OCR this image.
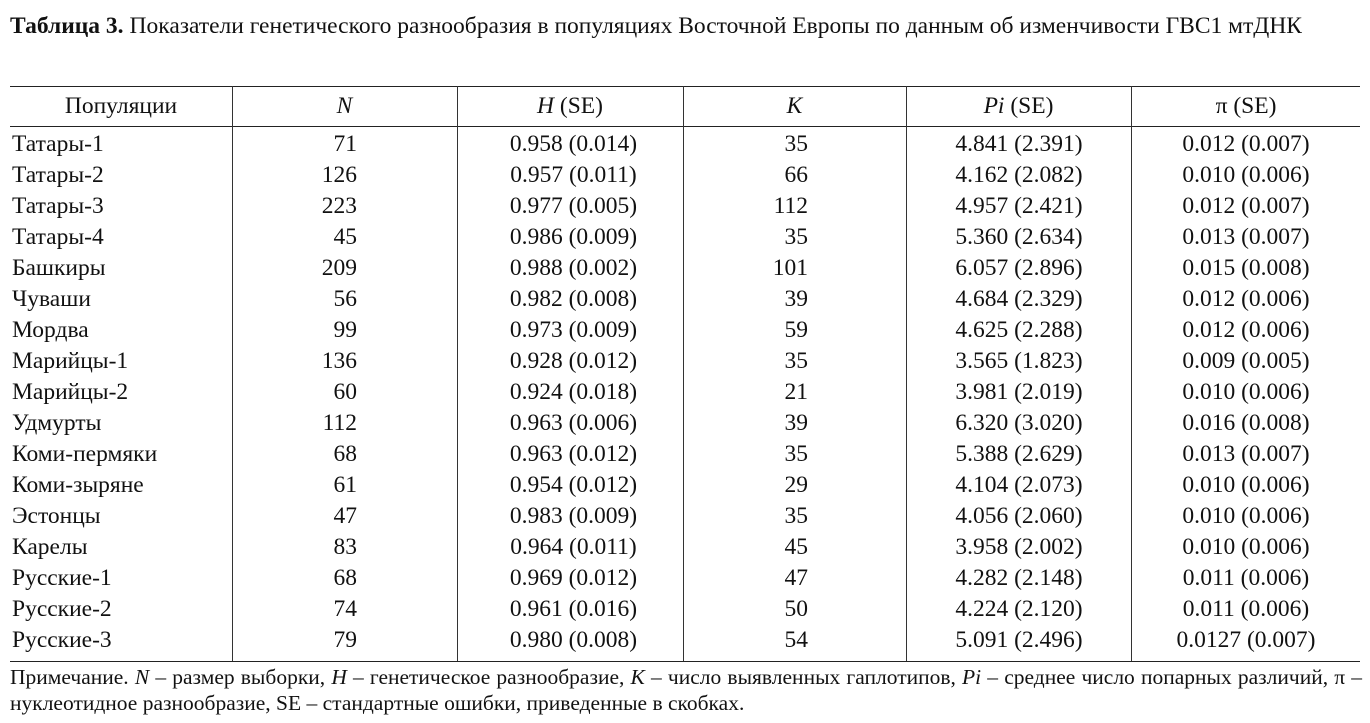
Таблица 3. Показатели генетического разнообразия в популяциях Восточной Европы по данным об изменчивости ГВС1 мтДНК
Популяции	N	H (SE)	K	Pi (SE)	π (SE)
Татары-1	71	0.958 (0.014)	35	4.841 (2.391)	0.012 (0.007)
Татары-2	126	0.957 (0.011)	66	4.162 (2.082)	0.010 (0.006)
Татары-3	223	0.977 (0.005)	112	4.957 (2.421)	0.012 (0.007)
Татары-4	45	0.986 (0.009)	35	5.360 (2.634)	0.013 (0.007)
Башкиры	209	0.988 (0.002)	101	6.057 (2.896)	0.015 (0.008)
Чуваши	56	0.982 (0.008)	39	4.684 (2.329)	0.012 (0.006)
Мордва	99	0.973 (0.009)	59	4.625 (2.288)	0.012 (0.006)
Марийцы-1	136	0.928 (0.012)	35	3.565 (1.823)	0.009 (0.005)
Марийцы-2	60	0.924 (0.018)	21	3.981 (2.019)	0.010 (0.006)
Удмурты	112	0.963 (0.006)	39	6.320 (3.020)	0.016 (0.008)
Коми-пермяки	68	0.963 (0.012)	35	5.388 (2.629)	0.013 (0.007)
Коми-зыряне	61	0.954 (0.012)	29	4.104 (2.073)	0.010 (0.006)
Эстонцы	47	0.983 (0.009)	35	4.056 (2.060)	0.010 (0.006)
Карелы	83	0.964 (0.011)	45	3.958 (2.002)	0.010 (0.006)
Русские-1	68	0.969 (0.012)	47	4.282 (2.148)	0.011 (0.006)
Русские-2	74	0.961 (0.016)	50	4.224 (2.120)	0.011 (0.006)
Русские-3	79	0.980 (0.008)	54	5.091 (2.496)	0.0127 (0.007)
Примечание. N – размер выборки, H – генетическое разнообразие, K – число выявленных гаплотипов, Pi – среднее число попарных различий, π – нуклеотидное разнообразие, SE – стандартные ошибки, приведенные в скобках.
